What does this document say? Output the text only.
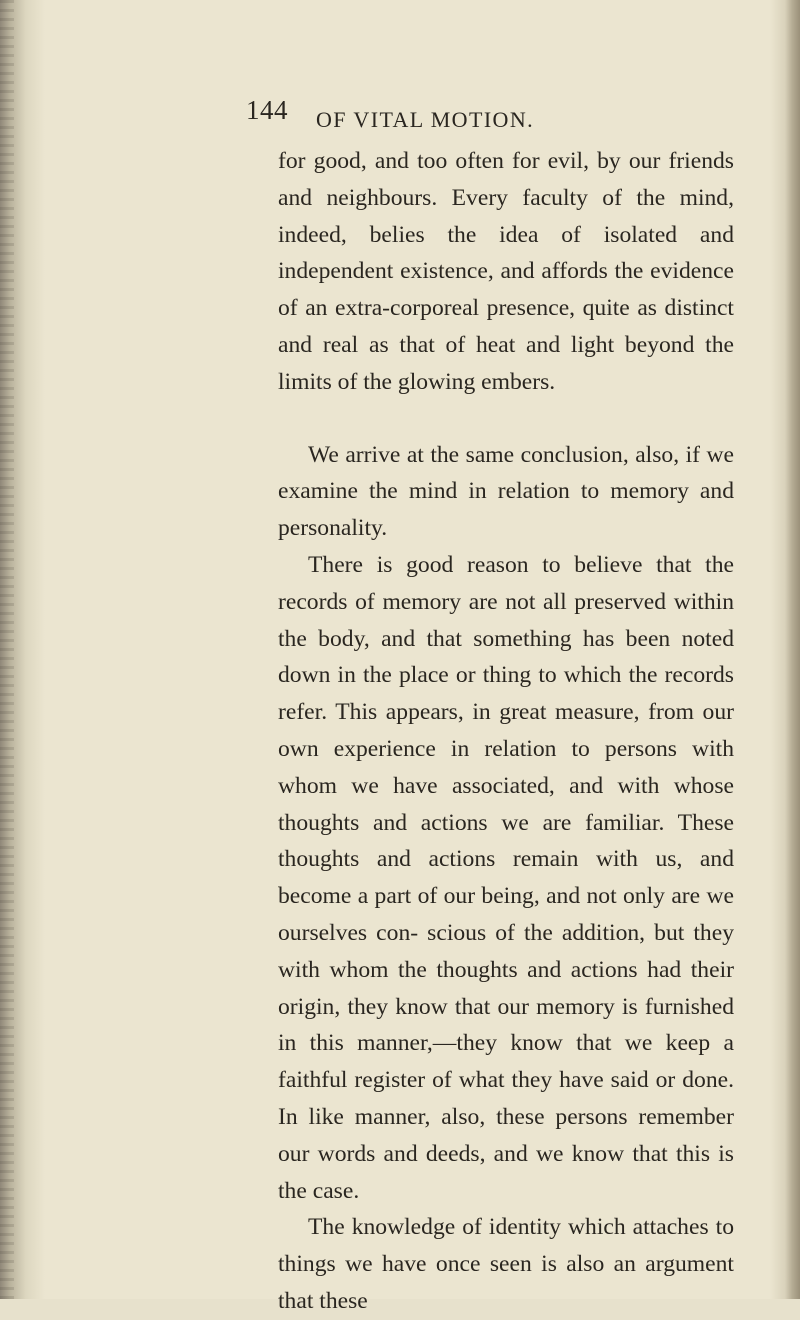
144 OF VITAL MOTION.

for good, and too often for evil, by our friends and neighbours. Every faculty of the mind, indeed, belies the idea of isolated and independent existence, and affords the evidence of an extra-corporeal presence, quite as distinct and real as that of heat and light beyond the limits of the glowing embers.

We arrive at the same conclusion, also, if we examine the mind in relation to memory and personality.

There is good reason to believe that the records of memory are not all preserved within the body, and that something has been noted down in the place or thing to which the records refer. This appears, in great measure, from our own experience in relation to persons with whom we have associated, and with whose thoughts and actions we are familiar. These thoughts and actions remain with us, and become a part of our being, and not only are we ourselves con- scious of the addition, but they with whom the thoughts and actions had their origin, they know that our memory is furnished in this manner,—they know that we keep a faithful register of what they have said or done. In like manner, also, these persons remember our words and deeds, and we know that this is the case.

The knowledge of identity which attaches to things we have once seen is also an argument that these
